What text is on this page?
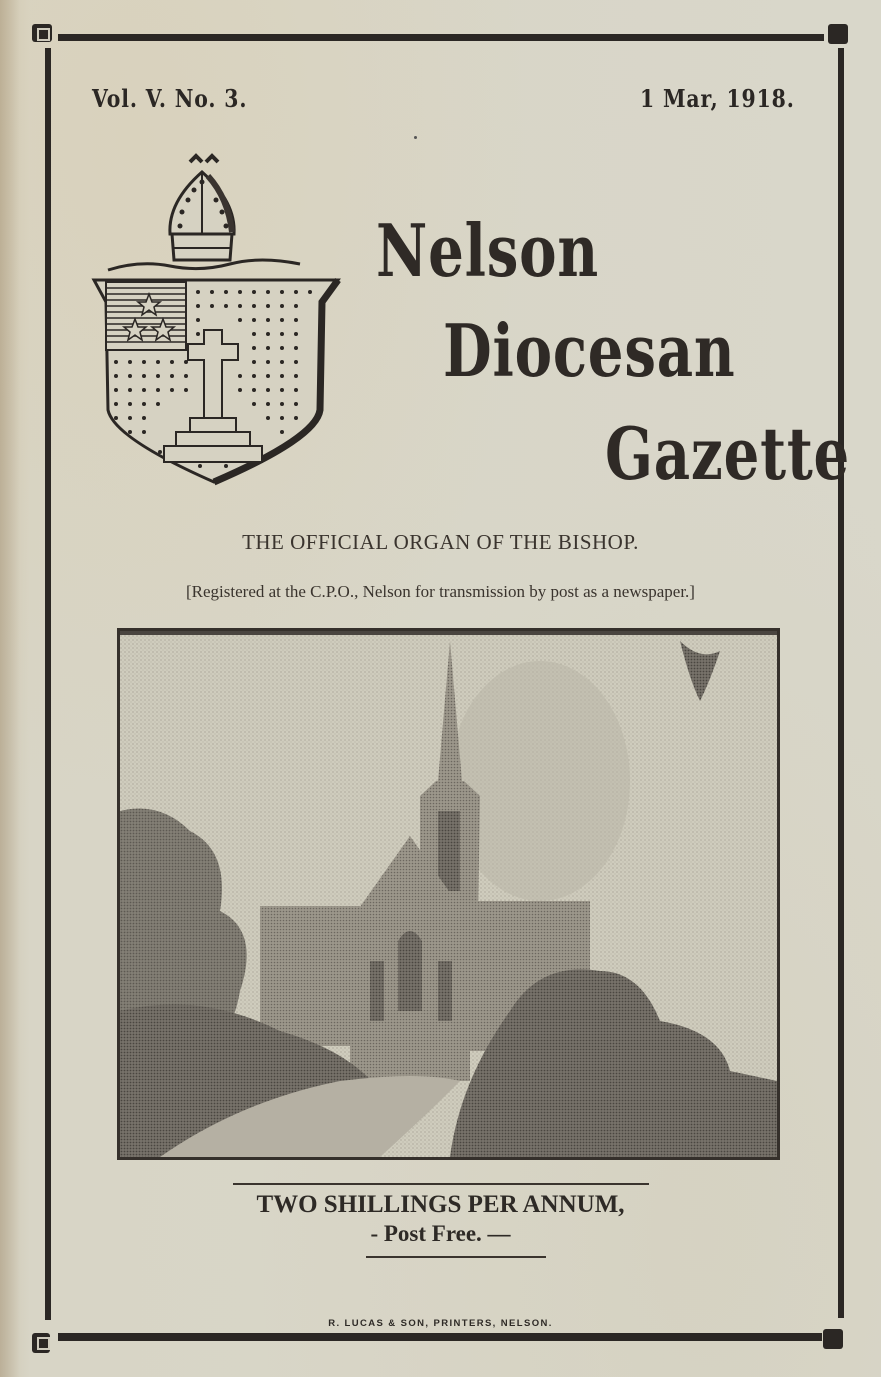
Vol. V. No. 3.	1 Mar, 1918.
Nelson
Diocesan
Gazette
THE OFFICIAL ORGAN OF THE BISHOP.
[Registered at the C.P.O., Nelson for transmission by post as a newspaper.]
TWO SHILLINGS PER ANNUM,
- Post Free. —
R. LUCAS & SON, PRINTERS, NELSON.
